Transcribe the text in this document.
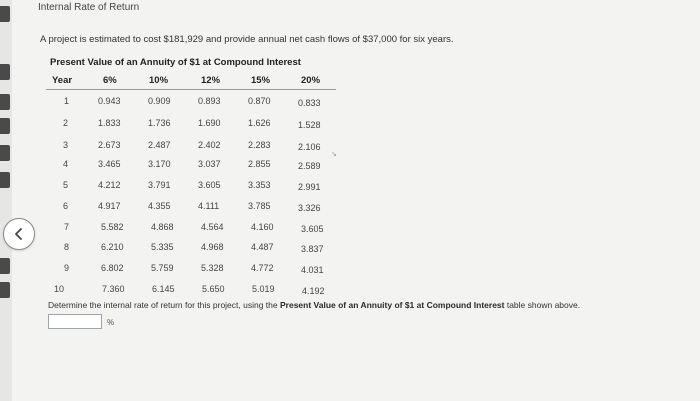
Internal Rate of Return
A project is estimated to cost $181,929 and provide annual net cash flows of $37,000 for six years.
Present Value of an Annuity of $1 at Compound Interest
Year	6%	10%	12%	15%	20%
1	0.943	0.909	0.893	0.870	0.833
2	1.833	1.736	1.690	1.626	1.528
3	2.673	2.487	2.402	2.283	2.106
4	3.465	3.170	3.037	2.855	2.589
5	4.212	3.791	3.605	3.353	2.991
6	4.917	4.355	4.111	3.785	3.326
7	5.582	4.868	4.564	4.160	3.605
8	6.210	5.335	4.968	4.487	3.837
9	6.802	5.759	5.328	4.772	4.031
10	7.360	6.145	5.650	5.019	4.192
Determine the internal rate of return for this project, using the Present Value of an Annuity of $1 at Compound Interest table shown above.
%
↘
